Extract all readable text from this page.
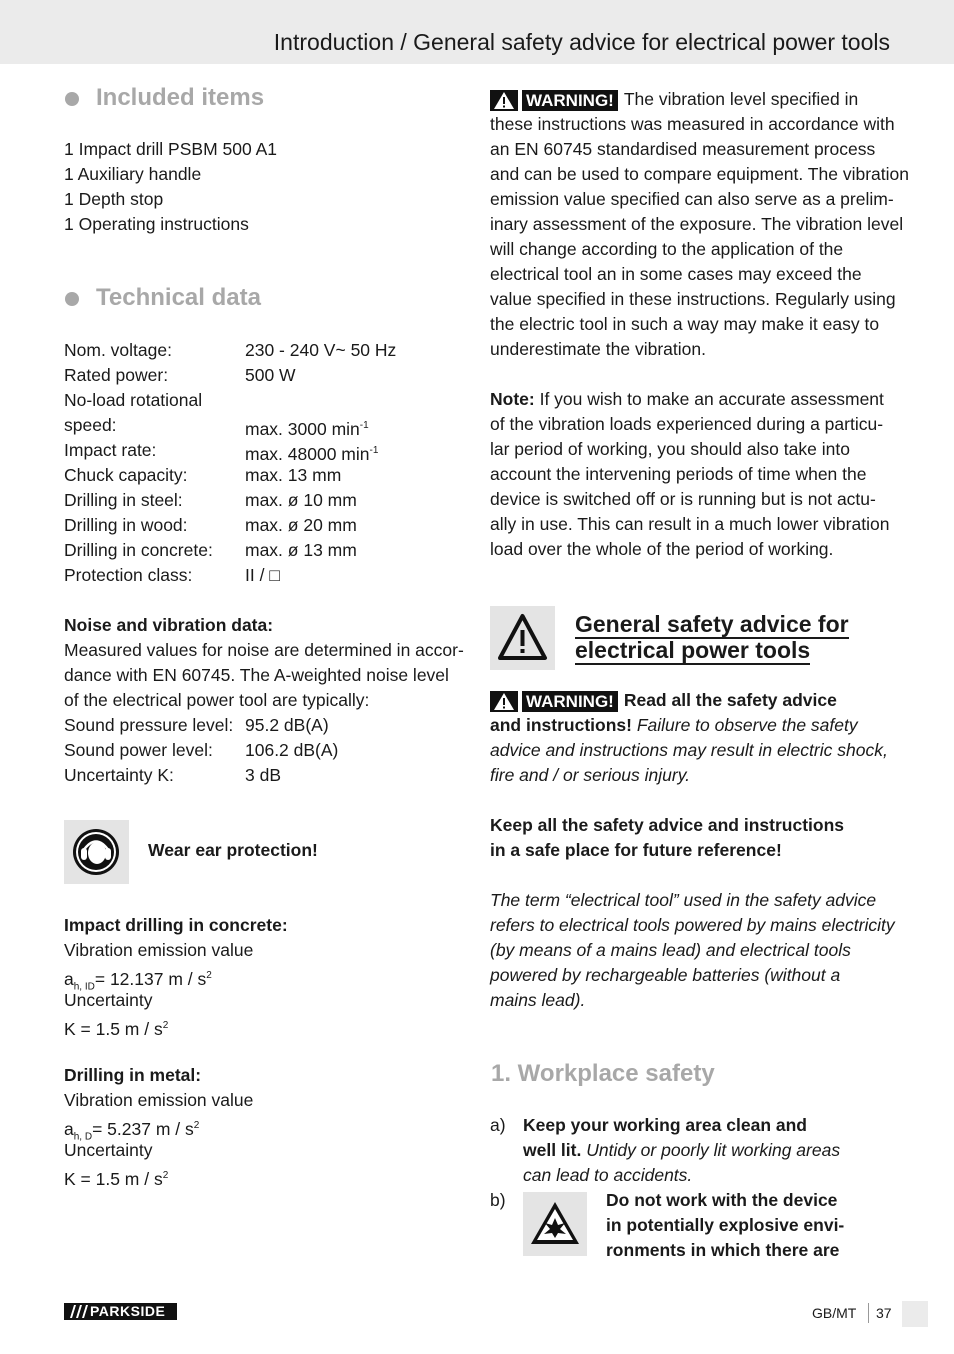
Introduction / General safety advice for electrical power tools
Included items
1 Impact drill PSBM 500 A1
1 Auxiliary handle
1 Depth stop
1 Operating instructions
Technical data
Nom. voltage:	230 - 240 V~ 50 Hz
Rated power:	500 W
No-load rotational
speed:	max. 3000 $\min^{-1}$
Impact rate:	max. 48000 $\min^{-1}$
Chuck capacity:	max. 13 mm
Drilling in steel:	max. ø 10 mm
Drilling in wood:	max. ø 20 mm
Drilling in concrete: max. ø 13 mm
Protection class:	II / □
Noise and vibration data:
Measured values for noise are determined in accor-
dance with EN 60745. The A-weighted noise level
of the electrical power tool are typically:
Sound pressure level: 95.2 dB(A)
Sound power level: 106.2 dB(A)
Uncertainty K:	3 dB
Wear ear protection!
Impact drilling in concrete:
Vibration emission value
$a_{h, ID}= 12.137$ m / $s^2$
Uncertainty
K = 1.5 m / $s^2$
Drilling in metal:
Vibration emission value
$a_{h, D}= 5.237$ m / $s^2$
Uncertainty
K = 1.5 m / $s^2$
WARNING! The vibration level specified in
these instructions was measured in accordance with
an EN 60745 standardised measurement process
and can be used to compare equipment. The vibration
emission value specified can also serve as a prelim-
inary assessment of the exposure. The vibration level
will change according to the application of the
electrical tool an in some cases may exceed the
value specified in these instructions. Regularly using
the electric tool in such a way may make it easy to
underestimate the vibration.
Note: If you wish to make an accurate assessment
of the vibration loads experienced during a particu-
lar period of working, you should also take into
account the intervening periods of time when the
device is switched off or is running but is not actu-
ally in use. This can result in a much lower vibration
load over the whole of the period of working.
General safety advice for
electrical power tools
WARNING! Read all the safety advice
and instructions! Failure to observe the safety
advice and instructions may result in electric shock,
fire and / or serious injury.
Keep all the safety advice and instructions
in a safe place for future reference!
The term “electrical tool” used in the safety advice
refers to electrical tools powered by mains electricity
(by means of a mains lead) and electrical tools
powered by rechargeable batteries (without a
mains lead).
1. Workplace safety
a) Keep your working area clean and
well lit. Untidy or poorly lit working areas
can lead to accidents.
b)	Do not work with the device
in potentially explosive envi-
ronments in which there are
PARKSIDE	GB/MT 37
